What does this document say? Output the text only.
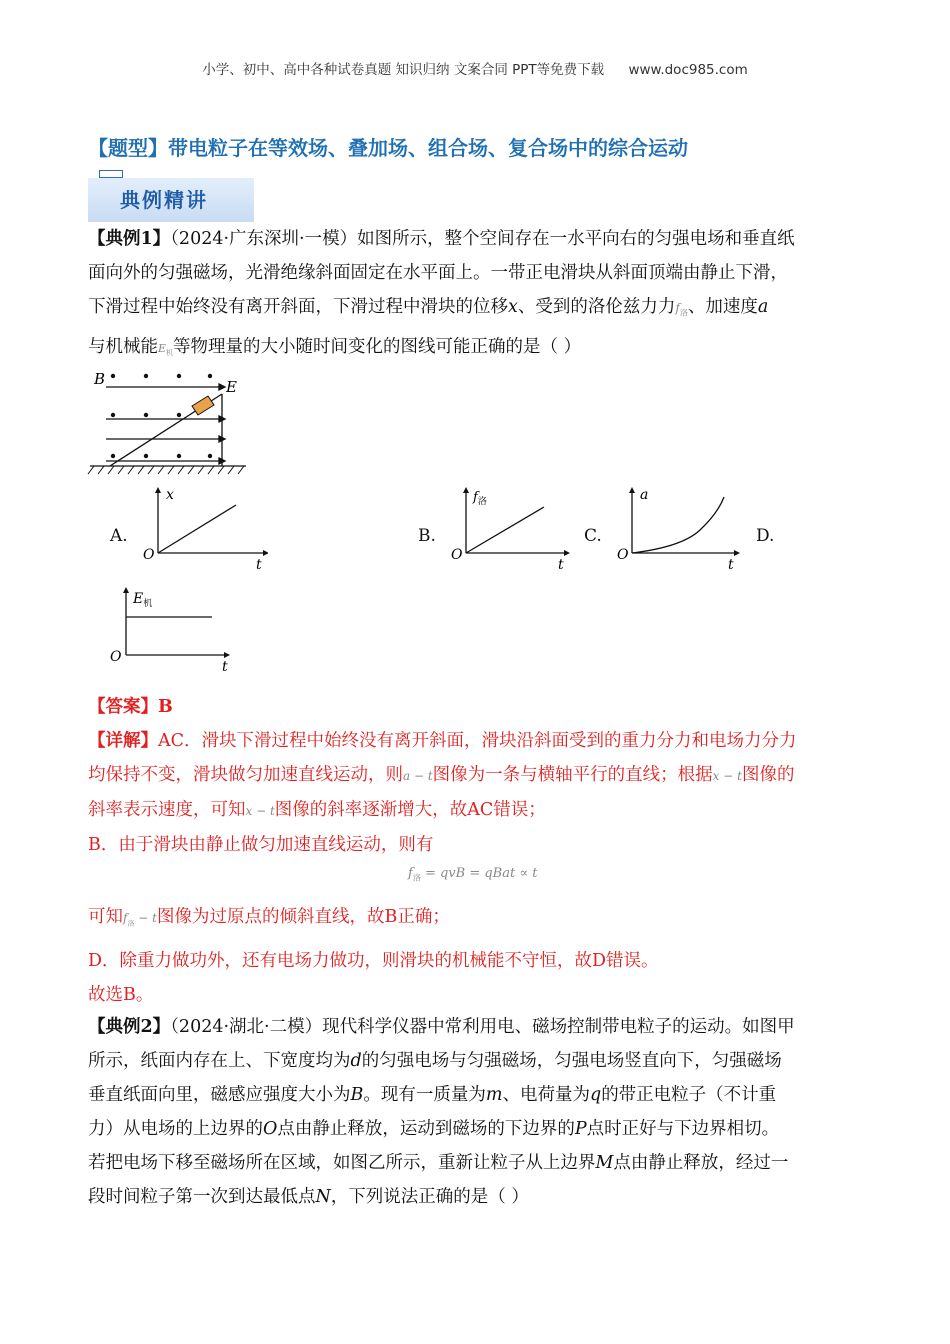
小学、初中、高中各种试卷真题 知识归纳 文案合同 PPT等免费下载 www.doc985.com
【题型】带电粒子在等效场、叠加场、组合场、复合场中的综合运动
典例精讲
【典例1】（2024·广东深圳·一模）如图所示，整个空间存在一水平向右的匀强电场和垂直纸
面向外的匀强磁场，光滑绝缘斜面固定在水平面上。一带正电滑块从斜面顶端由静止下滑，
下滑过程中始终没有离开斜面，下滑过程中滑块的位移x、受到的洛伦兹力力$f_洛$、加速度a
与机械能$E_机$等物理量的大小随时间变化的图线可能正确的是（ ）
B	E
A.	B.	C.	D.
x
O
t
$f_洛$
O
t
a
O
t
$E_机$
O
t
【答案】B
【详解】AC．滑块下滑过程中始终没有离开斜面，滑块沿斜面受到的重力分力和电场力分力
均保持不变，滑块做匀加速直线运动，则a − t图像为一条与横轴平行的直线；根据x − t图像的
斜率表示速度，可知x − t图像的斜率逐渐增大，故AC错误；
B．由于滑块由静止做匀加速直线运动，则有
$f_洛$ = qvB = qBat ∝ t
可知$f_洛 - t$图像为过原点的倾斜直线，故B正确；
D．除重力做功外，还有电场力做功，则滑块的机械能不守恒，故D错误。
故选B。
【典例2】（2024·湖北·二模）现代科学仪器中常利用电、磁场控制带电粒子的运动。如图甲
所示，纸面内存在上、下宽度均为d的匀强电场与匀强磁场，匀强电场竖直向下，匀强磁场
垂直纸面向里，磁感应强度大小为B。现有一质量为m、电荷量为q的带正电粒子（不计重
力）从电场的上边界的O点由静止释放，运动到磁场的下边界的P点时正好与下边界相切。
若把电场下移至磁场所在区域，如图乙所示，重新让粒子从上边界M点由静止释放，经过一
段时间粒子第一次到达最低点N，下列说法正确的是（ ）
